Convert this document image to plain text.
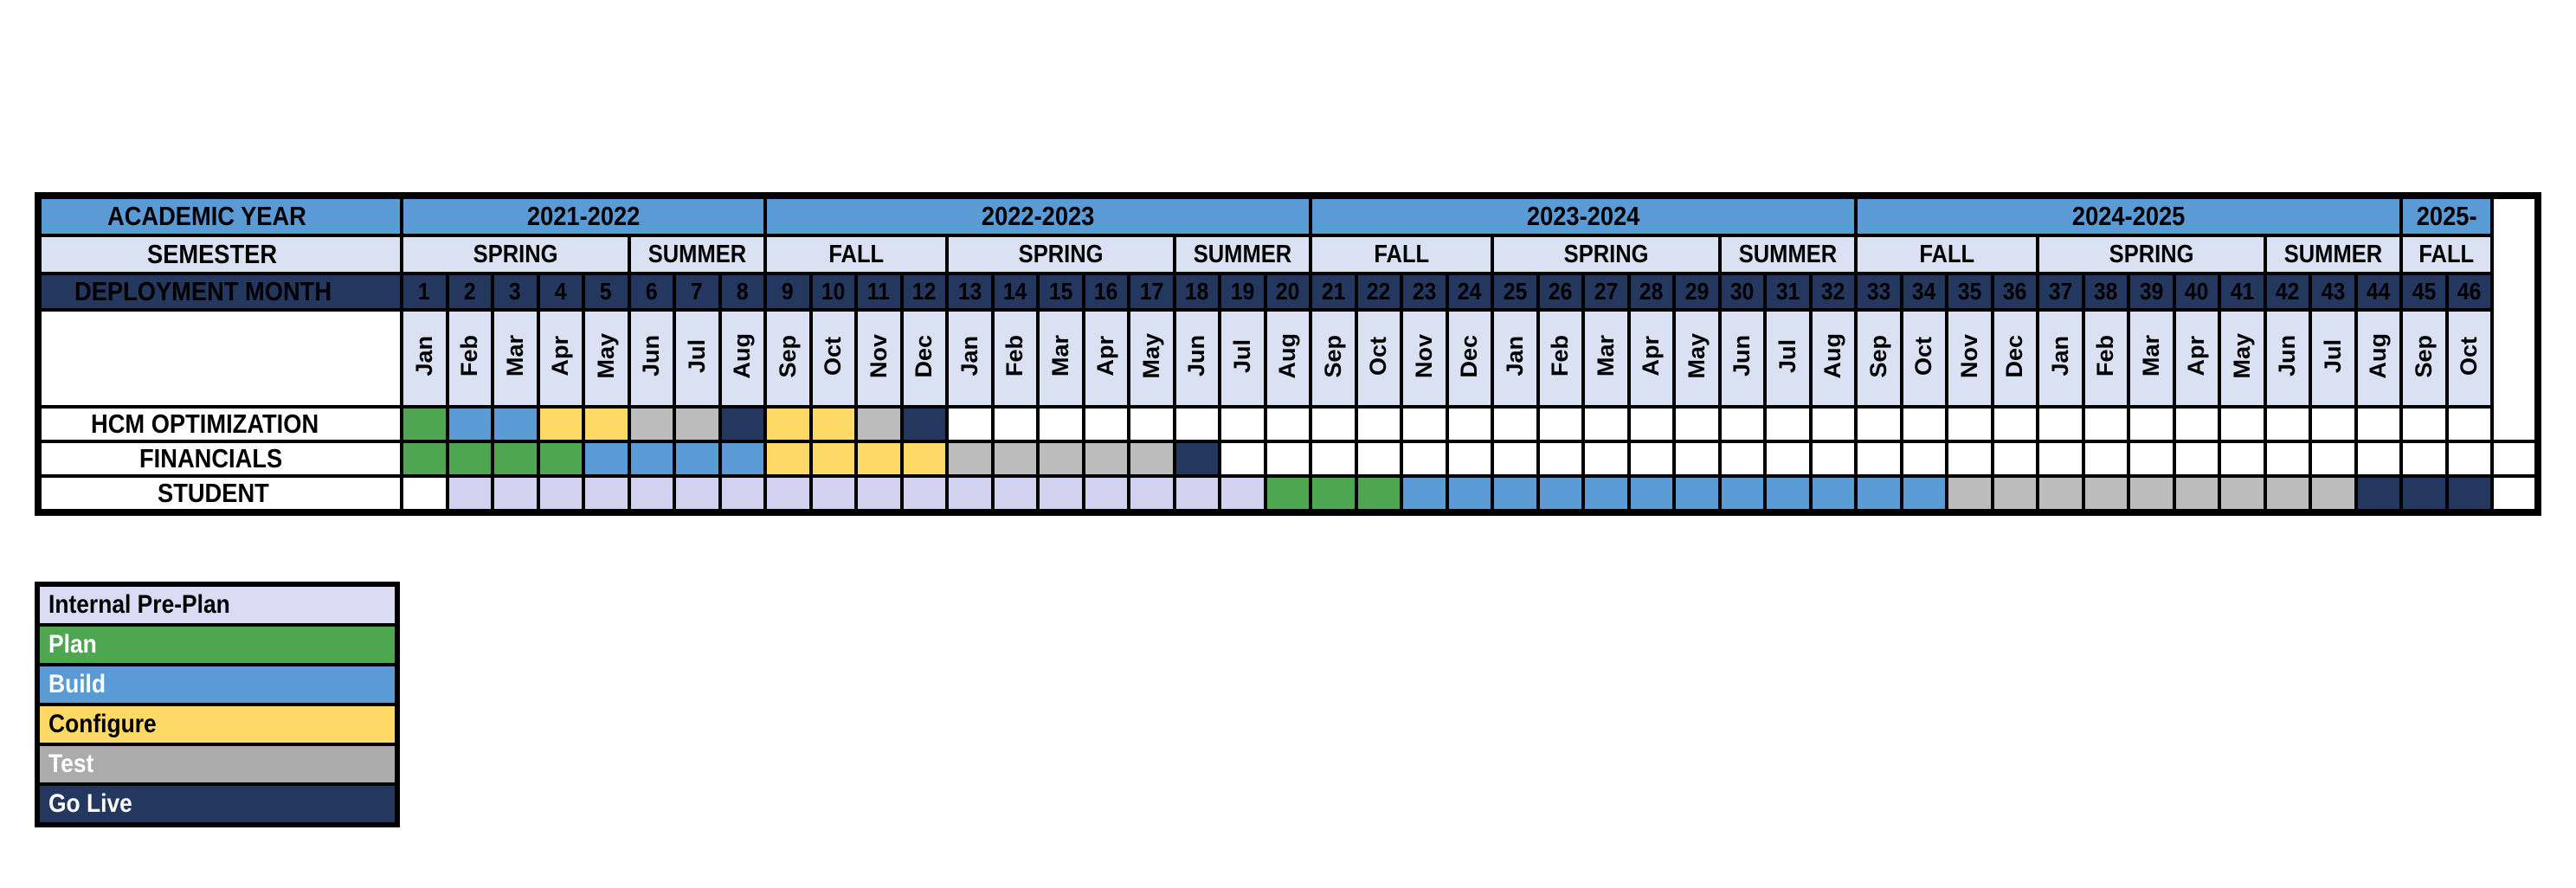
ACADEMIC YEAR	2021-2022								2022-2023												2023-2024												2024-2025												2025-		
SEMESTER	SPRING					SUMMER			FALL				SPRING					SUMMER			FALL				SPRING					SUMMER			FALL				SPRING					SUMMER			FALL		
DEPLOYMENT MONTH	1	2	3	4	5	6	7	8	9	10	11	12	13	14	15	16	17	18	19	20	21	22	23	24	25	26	27	28	29	30	31	32	33	34	35	36	37	38	39	40	41	42	43	44	45	46	
	Jan	Feb	Mar	Apr	May	Jun	Jul	Aug	Sep	Oct	Nov	Dec	Jan	Feb	Mar	Apr	May	Jun	Jul	Aug	Sep	Oct	Nov	Dec	Jan	Feb	Mar	Apr	May	Jun	Jul	Aug	Sep	Oct	Nov	Dec	Jan	Feb	Mar	Apr	May	Jun	Jul	Aug	Sep	Oct	
HCM OPTIMIZATION																																															
FINANCIALS																																															
STUDENT																																															
Internal Pre-Plan
Plan
Build
Configure
Test
Go Live
